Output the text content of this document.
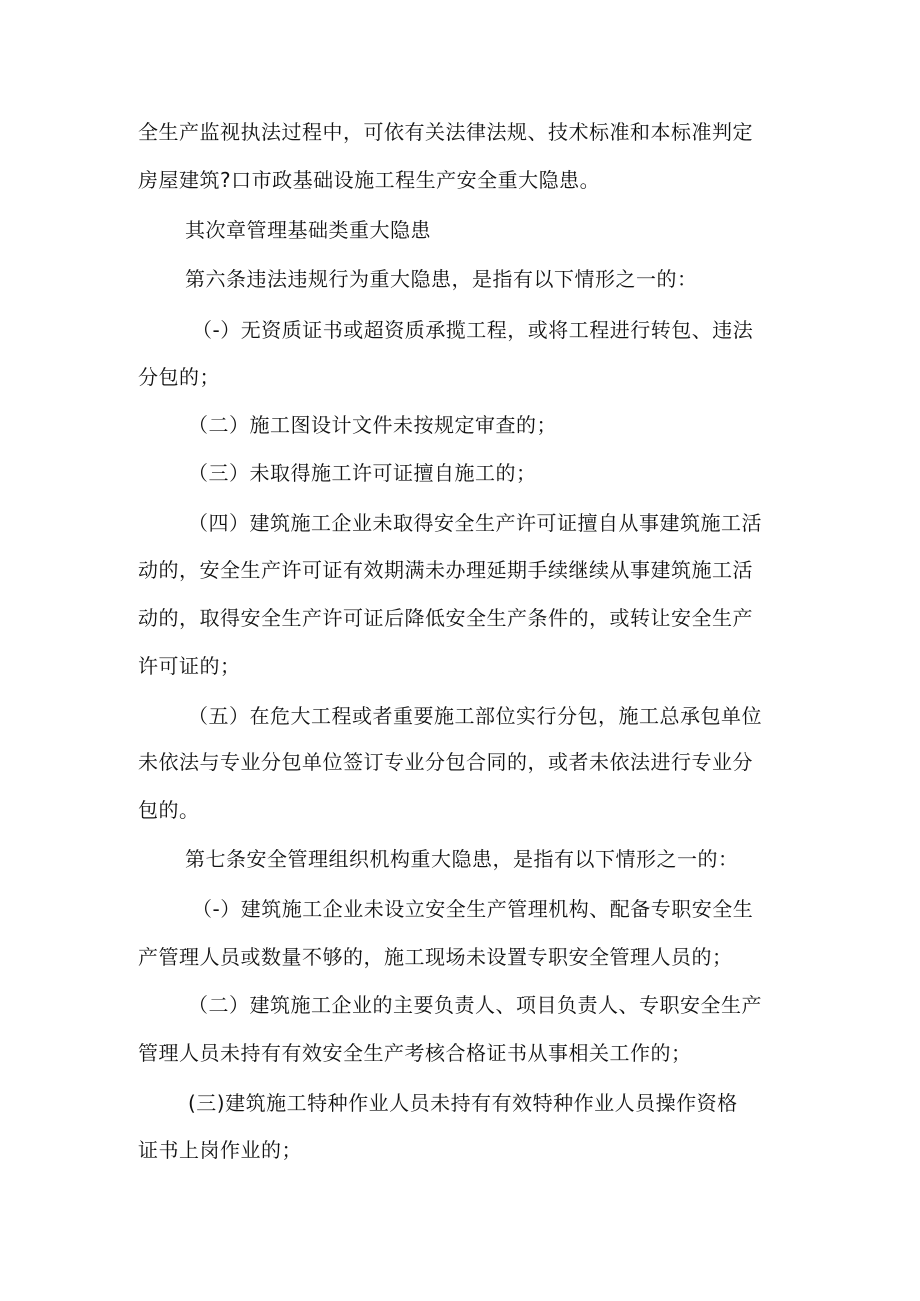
全生产监视执法过程中，可依有关法律法规、技术标准和本标准判定
房屋建筑?口市政基础设施工程生产安全重大隐患。
其次章管理基础类重大隐患
第六条违法违规行为重大隐患，是指有以下情形之一的：
（-）无资质证书或超资质承揽工程，或将工程进行转包、违法
分包的；
（二）施工图设计文件未按规定审查的；
（三）未取得施工许可证擅自施工的；
（四）建筑施工企业未取得安全生产许可证擅自从事建筑施工活
动的，安全生产许可证有效期满未办理延期手续继续从事建筑施工活
动的，取得安全生产许可证后降低安全生产条件的，或转让安全生产
许可证的；
（五）在危大工程或者重要施工部位实行分包，施工总承包单位
未依法与专业分包单位签订专业分包合同的，或者未依法进行专业分
包的。
第七条安全管理组织机构重大隐患，是指有以下情形之一的：
（-）建筑施工企业未设立安全生产管理机构、配备专职安全生
产管理人员或数量不够的，施工现场未设置专职安全管理人员的；
（二）建筑施工企业的主要负责人、项目负责人、专职安全生产
管理人员未持有有效安全生产考核合格证书从事相关工作的；
(三)建筑施工特种作业人员未持有有效特种作业人员操作资格
证书上岗作业的；
